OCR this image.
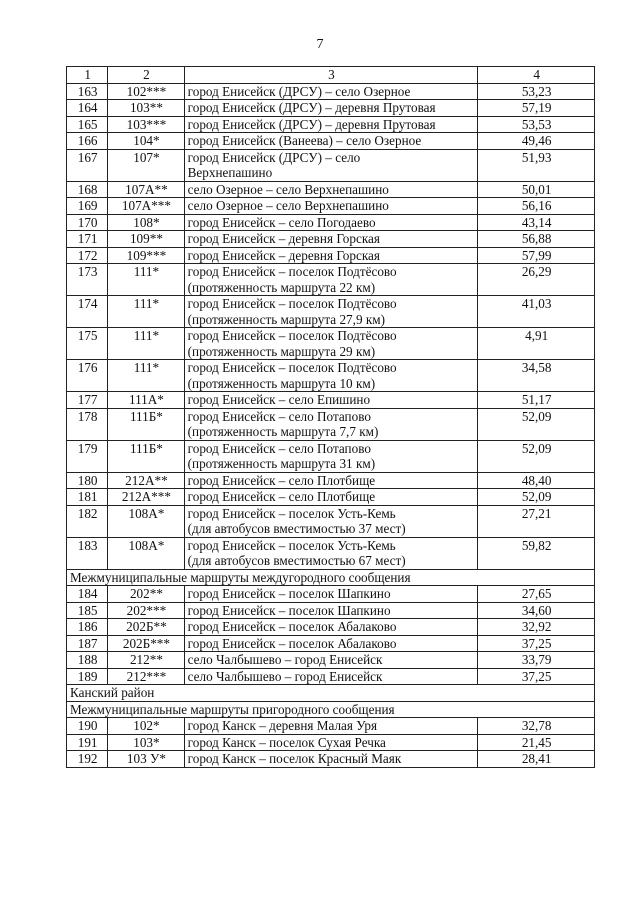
7
1	2	3	4
163	102***	город Енисейск (ДРСУ) – село Озерное	53,23
164	103**	город Енисейск (ДРСУ) – деревня Прутовая	57,19
165	103***	город Енисейск (ДРСУ) – деревня Прутовая	53,53
166	104*	город Енисейск (Ванеева) – село Озерное	49,46
167	107*	город Енисейск (ДРСУ) – село
Верхнепашино	51,93
168	107А**	село Озерное – село Верхнепашино	50,01
169	107А***	село Озерное – село Верхнепашино	56,16
170	108*	город Енисейск – село Погодаево	43,14
171	109**	город Енисейск – деревня Горская	56,88
172	109***	город Енисейск – деревня Горская	57,99
173	111*	город Енисейск – поселок Подтёсово
(протяженность маршрута 22 км)	26,29
174	111*	город Енисейск – поселок Подтёсово
(протяженность маршрута 27,9 км)	41,03
175	111*	город Енисейск – поселок Подтёсово
(протяженность маршрута 29 км)	4,91
176	111*	город Енисейск – поселок Подтёсово
(протяженность маршрута 10 км)	34,58
177	111А*	город Енисейск – село Епишино	51,17
178	111Б*	город Енисейск – село Потапово
(протяженность маршрута 7,7 км)	52,09
179	111Б*	город Енисейск – село Потапово
(протяженность маршрута 31 км)	52,09
180	212А**	город Енисейск – село Плотбище	48,40
181	212А***	город Енисейск – село Плотбище	52,09
182	108А*	город Енисейск – поселок Усть-Кемь
(для автобусов вместимостью 37 мест)	27,21
183	108А*	город Енисейск – поселок Усть-Кемь
(для автобусов вместимостью 67 мест)	59,82
Межмуниципальные маршруты междугородного сообщения			
184	202**	город Енисейск – поселок Шапкино	27,65
185	202***	город Енисейск – поселок Шапкино	34,60
186	202Б**	город Енисейск – поселок Абалаково	32,92
187	202Б***	город Енисейск – поселок Абалаково	37,25
188	212**	село Чалбышево – город Енисейск	33,79
189	212***	село Чалбышево – город Енисейск	37,25
Канский район			
Межмуниципальные маршруты пригородного сообщения			
190	102*	город Канск – деревня Малая Уря	32,78
191	103*	город Канск – поселок Сухая Речка	21,45
192	103 У*	город Канск – поселок Красный Маяк	28,41
